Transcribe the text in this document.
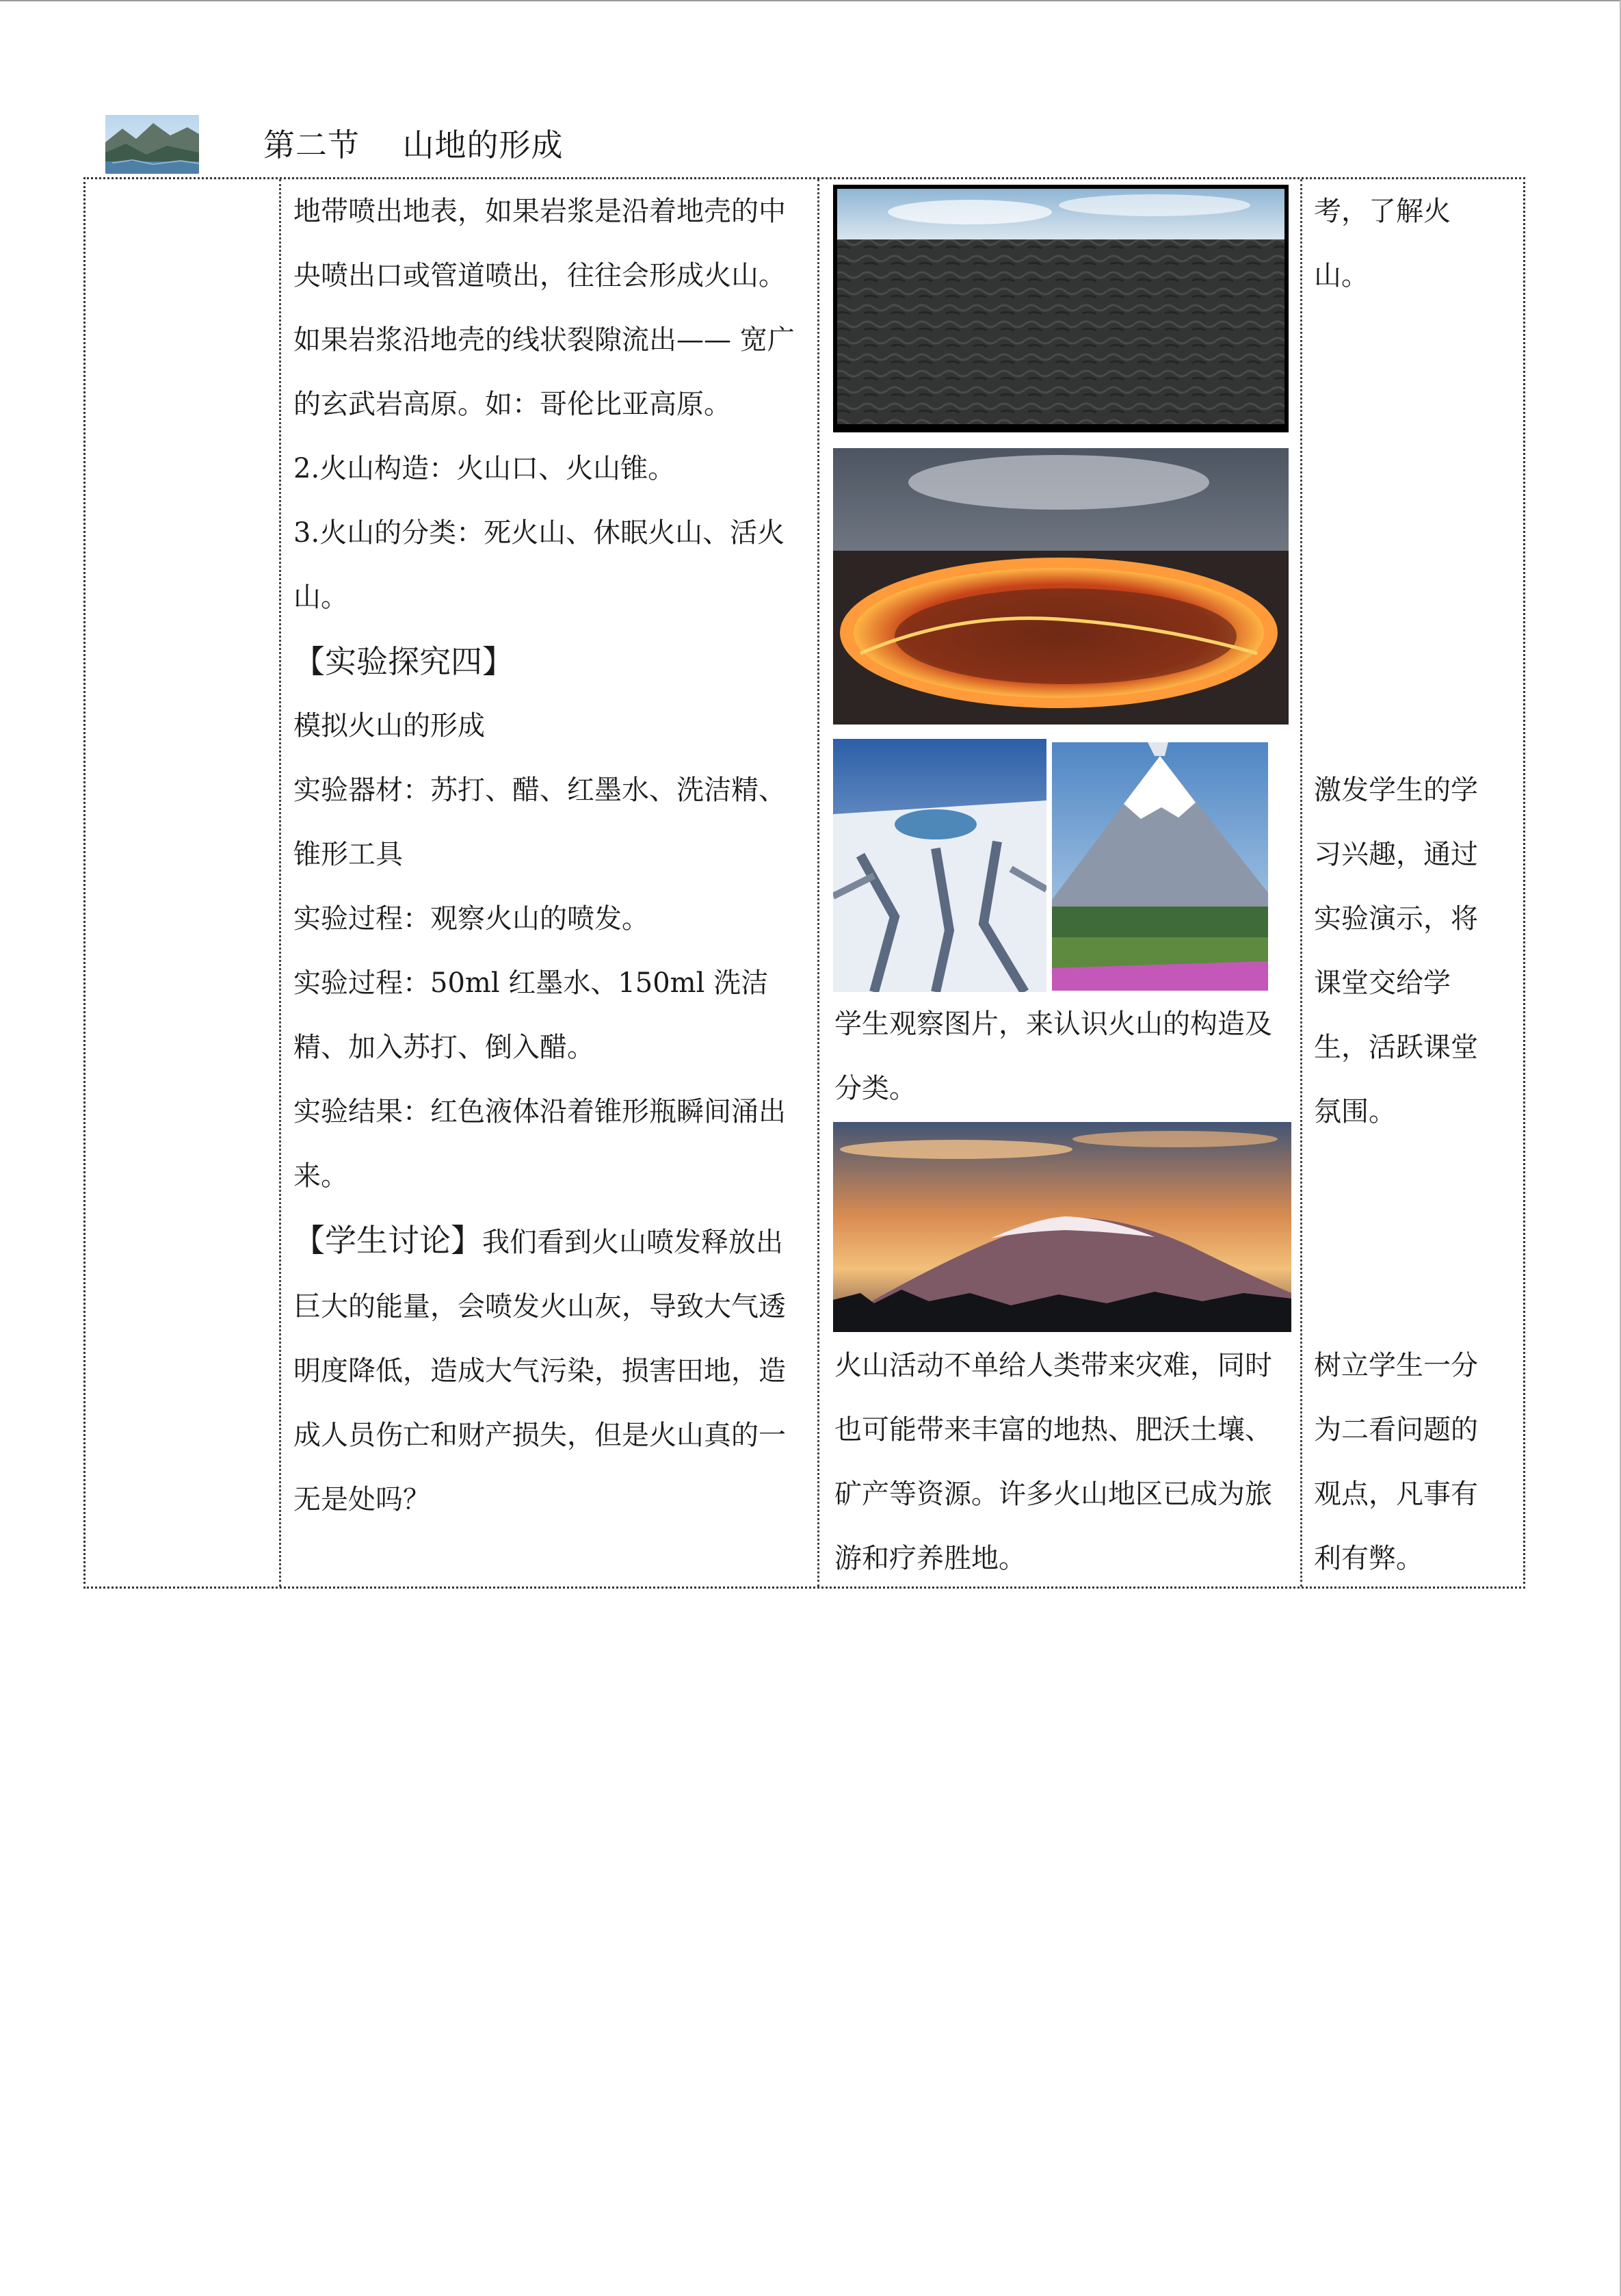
第二节    山地的形成

地带喷出地表，如果岩浆是沿着地壳的中央喷出口或管道喷出，往往会形成火山。如果岩浆沿地壳的线状裂隙流出—— 宽广的玄武岩高原。如：哥伦比亚高原。

2.火山构造：火山口、火山锥。

3.火山的分类：死火山、休眠火山、活火山。

【实验探究四】

模拟火山的形成

实验器材：苏打、醋、红墨水、洗洁精、锥形工具

实验过程：观察火山的喷发。

实验过程：50ml 红墨水、150ml 洗洁精、加入苏打、倒入醋。

实验结果：红色液体沿着锥形瓶瞬间涌出来。

【学生讨论】我们看到火山喷发释放出巨大的能量，会喷发火山灰，导致大气透明度降低，造成大气污染，损害田地，造成人员伤亡和财产损失，但是火山真的一无是处吗？

学生观察图片，来认识火山的构造及分类。
火山活动不单给人类带来灾难，同时也可能带来丰富的地热、肥沃土壤、矿产等资源。许多火山地区已成为旅游和疗养胜地。
考，了解火山。
激发学生的学习兴趣，通过实验演示，将课堂交给学生，活跃课堂氛围。
树立学生一分为二看问题的观点，凡事有利有弊。
